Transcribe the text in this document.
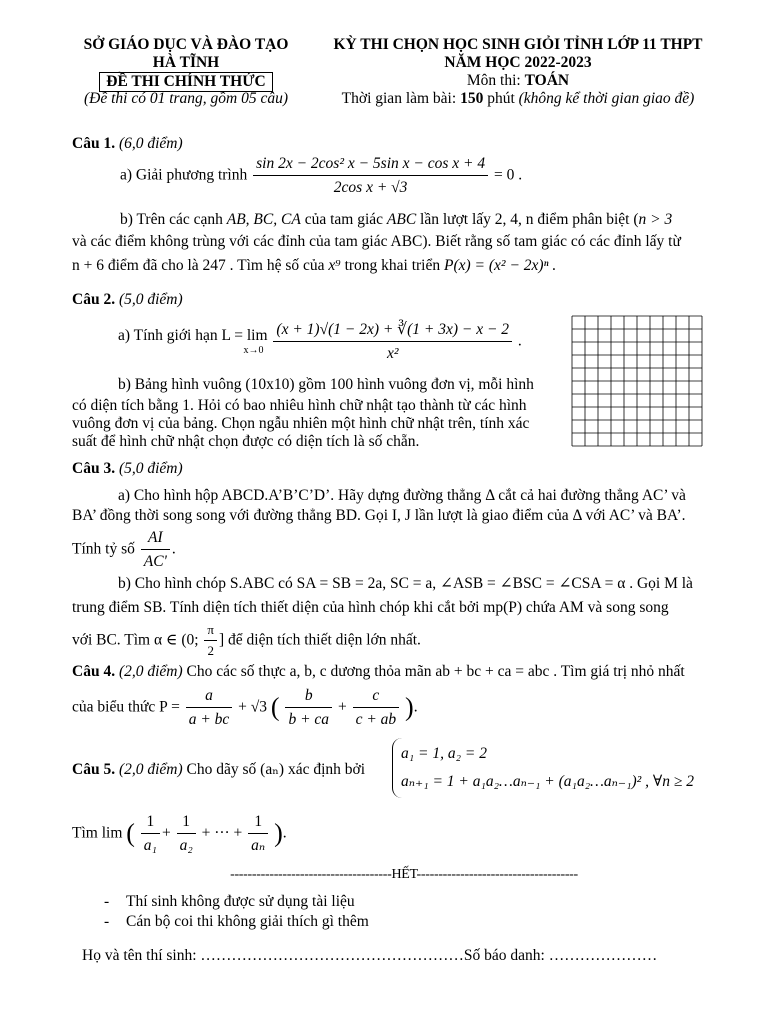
SỞ GIÁO DỤC VÀ ĐÀO TẠO
HÀ TĨNH
ĐỀ THI CHÍNH THỨC
(Đề thi có 01 trang, gồm 05 câu)
KỲ THI CHỌN HỌC SINH GIỎI TỈNH LỚP 11 THPT
NĂM HỌC 2022-2023
Môn thi: TOÁN
Thời gian làm bài: 150 phút (không kể thời gian giao đề)
Câu 1. (6,0 điểm)
a) Giải phương trình $\frac{\text{sin 2x − 2cos² x − 5sin x − cos x + 4}}{\text{2cos x + √3}} = 0$ .
b) Trên các cạnh AB, BC, CA của tam giác ABC lần lượt lấy 2, 4, n điểm phân biệt (n > 3
và các điểm không trùng với các đỉnh của tam giác ABC). Biết rằng số tam giác có các đỉnh lấy từ
n + 6 điểm đã cho là 247 . Tìm hệ số của x⁹ trong khai triển P(x) = (x² − 2x)ⁿ .
Câu 2. (5,0 điểm)
a) Tính giới hạn L = lim

x→0
$\frac{(x + 1)√(1 - 2x) + ∛(1 + 3x) - x - 2}{\text{x²}}$ .
b) Bảng hình vuông (10x10) gồm 100 hình vuông đơn vị, mỗi hình
có diện tích bằng 1. Hỏi có bao nhiêu hình chữ nhật tạo thành từ các hình
vuông đơn vị của bảng. Chọn ngẫu nhiên một hình chữ nhật trên, tính xác
suất để hình chữ nhật chọn được có diện tích là số chẵn.
Câu 3. (5,0 điểm)
a) Cho hình hộp ABCD.A’B’C’D’. Hãy dựng đường thẳng Δ cắt cả hai đường thẳng AC’ và
BA’ đồng thời song song với đường thẳng BD. Gọi I, J lần lượt là giao điểm của Δ với AC’ và BA’.
Tính tỷ số $\frac{AI}{AC'}$ .
b) Cho hình chóp S.ABC có SA = SB = 2a, SC = a, ∠ASB = ∠BSC = ∠CSA = α . Gọi M là
trung điểm SB. Tính diện tích thiết diện của hình chóp khi cắt bởi mp(P) chứa AM và song song
với BC. Tìm α ∈ (0; $\frac{\pi}{2}$ ] để diện tích thiết diện lớn nhất.
Câu 4. (2,0 điểm) Cho các số thực a, b, c dương thỏa mãn ab + bc + ca = abc . Tìm giá trị nhỏ nhất
của biểu thức $P = \frac{a}{a + bc} + √3$ ( $\frac{b}{b + ca} + \frac{c}{c + ab}$ ).
Câu 5. (2,0 điểm) Cho dãy số (aₙ) xác định bởi
a₁ = 1, a₂ = 2
aₙ₊₁ = 1 + a₁a₂…aₙ₋₁ + (a₁a₂…aₙ₋₁)² , ∀n ≥ 2
Tìm lim ( $\frac{1}{\text{a₁}} + \frac{1}{\text{a₂}}$ + ··· + $\frac{1}{\text{aₙ}}$ ).
-------------------------------------HẾT-------------------------------------
- Thí sinh không được sử dụng tài liệu
- Cán bộ coi thi không giải thích gì thêm
Họ và tên thí sinh: ……………………………………………Số báo danh: …………………
